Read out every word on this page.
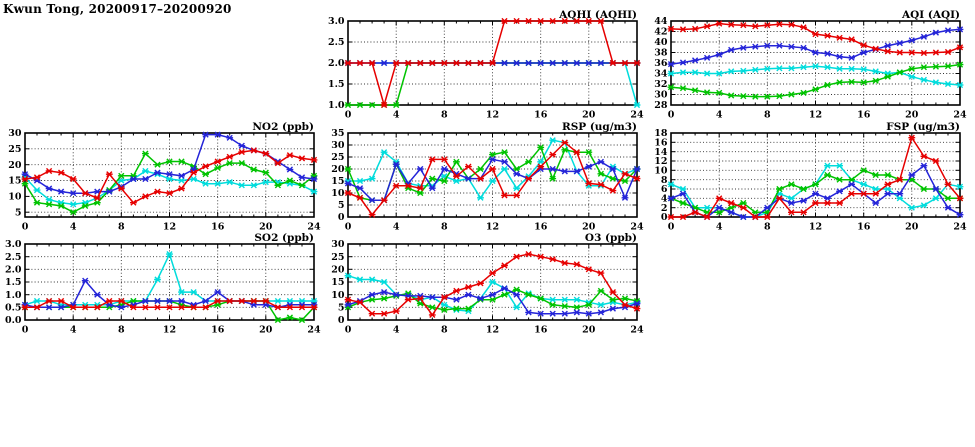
Kwun Tong, 20200917–20200920	AQHI (AQHI)
0	4	8	12	16	20	24
1.0
1.5
2.0
2.5
3.0
AQI (AQI)
0	4	8	12	16	20	24
28
30
32
34
36
38
40
42
44
NO2 (ppb)
0	4	8	12	16	20	24
5
10
15
20
25
30
RSP (ug/m3)
0	4	8	12	16	20	24
0
5
10
15
20
25
30
35
FSP (ug/m3)
0	4	8	12	16	20	24
0
2
4
6
8
10
12
14
16
18
SO2 (ppb)
0	4	8	12	16	20	24
0.0
0.5
1.0
1.5
2.0
2.5
3.0
O3 (ppb)
0	4	8	12	16	20	24
0
5
10
15
20
25
30
